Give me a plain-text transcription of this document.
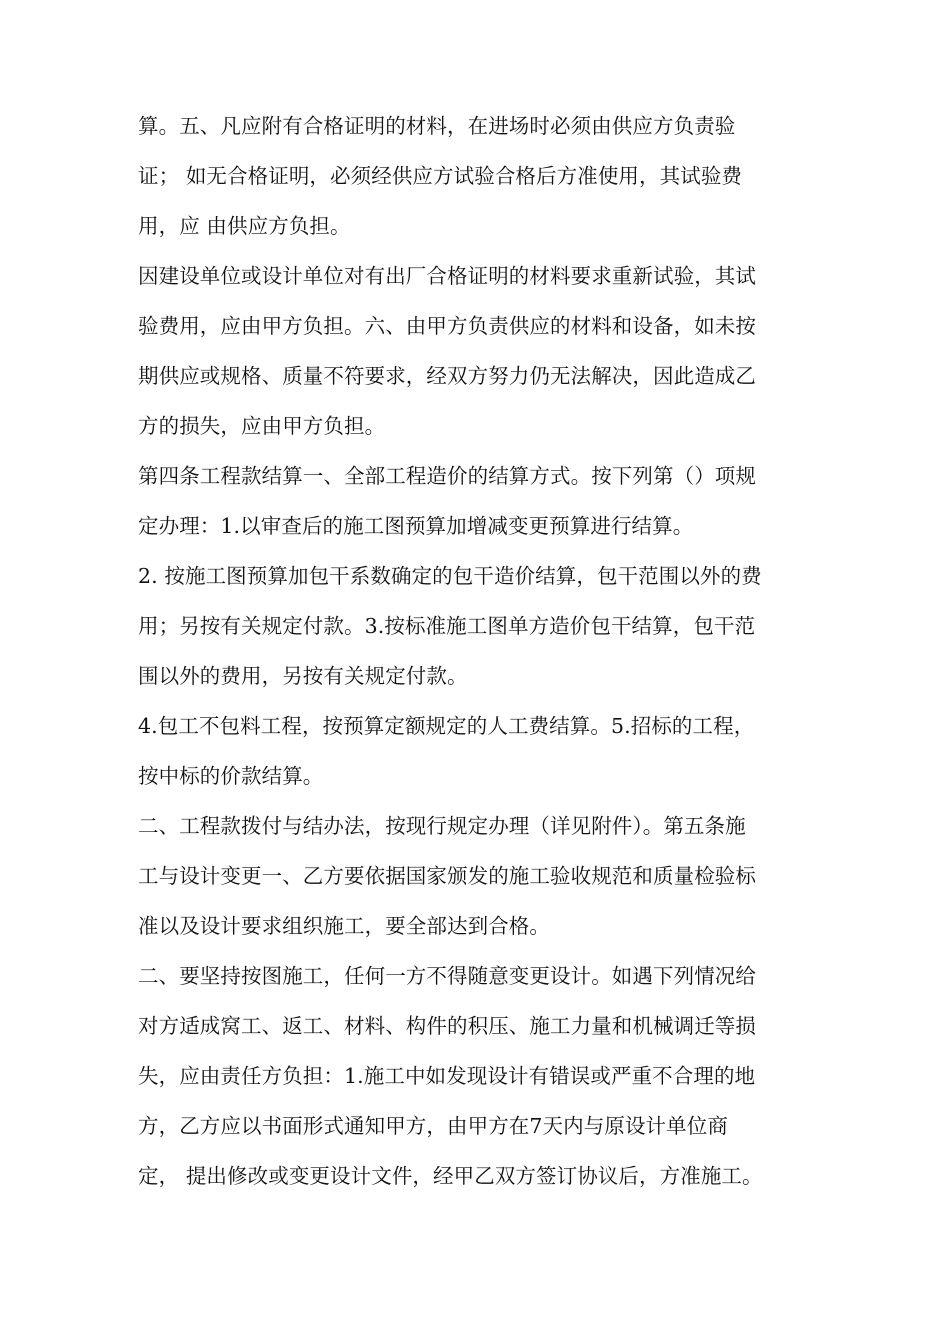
算。五、凡应附有合格证明的材料，在进场时必须由供应方负责验
证； 如无合格证明，必须经供应方试验合格后方准使用，其试验费
用，应 由供应方负担。
因建设单位或设计单位对有出厂合格证明的材料要求重新试验，其试
验费用，应由甲方负担。六、由甲方负责供应的材料和设备，如未按
期供应或规格、质量不符要求，经双方努力仍无法解决，因此造成乙
方的损失，应由甲方负担。
第四条工程款结算一、全部工程造价的结算方式。按下列第（）项规
定办理：1.以审查后的施工图预算加增减变更预算进行结算。
2. 按施工图预算加包干系数确定的包干造价结算，包干范围以外的费
用；另按有关规定付款。3.按标准施工图单方造价包干结算，包干范
围以外的费用，另按有关规定付款。
4.包工不包料工程，按预算定额规定的人工费结算。5.招标的工程，
按中标的价款结算。
二、工程款拨付与结办法，按现行规定办理（详见附件）。第五条施
工与设计变更一、乙方要依据国家颁发的施工验收规范和质量检验标
准以及设计要求组织施工，要全部达到合格。
二、要坚持按图施工，任何一方不得随意变更设计。如遇下列情况给
对方适成窝工、返工、材料、构件的积压、施工力量和机械调迁等损
失，应由责任方负担：1.施工中如发现设计有错误或严重不合理的地
方，乙方应以书面形式通知甲方，由甲方在7天内与原设计单位商
定， 提出修改或变更设计文件，经甲乙双方签订协议后，方准施工。
